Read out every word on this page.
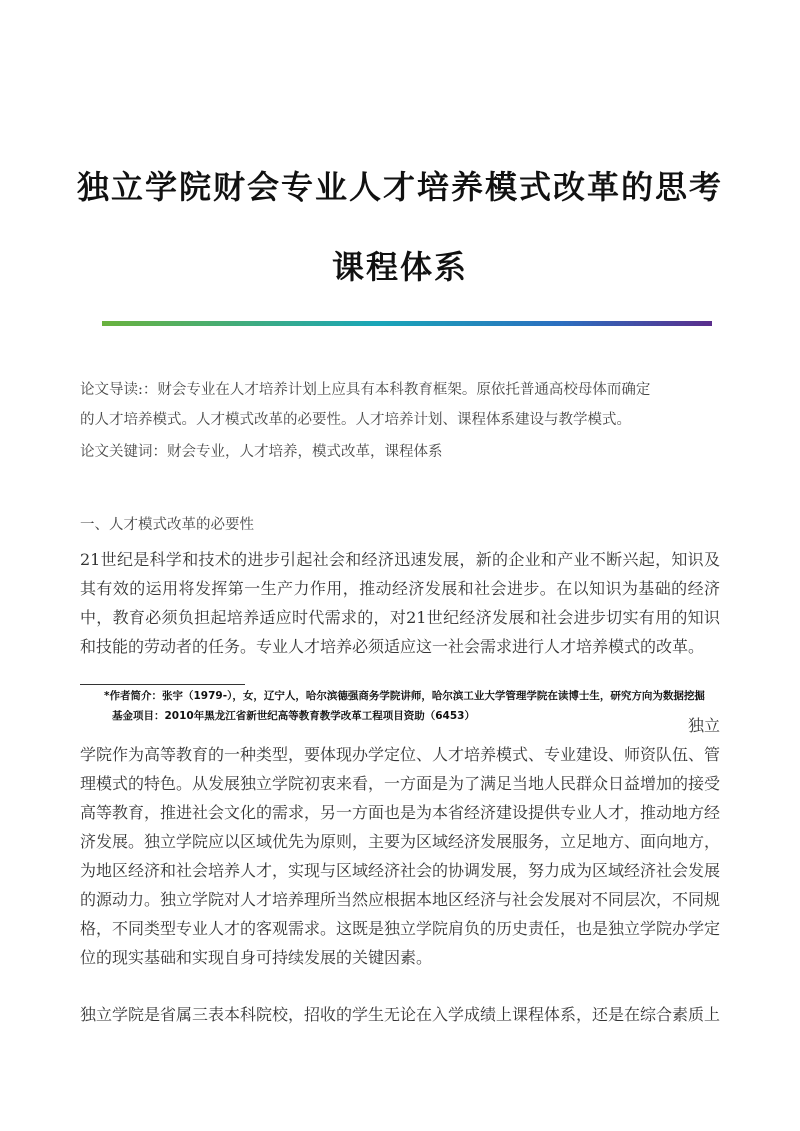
独立学院财会专业人才培养模式改革的思考
课程体系
论文导读:：财会专业在人才培养计划上应具有本科教育框架。原依托普通高校母体而确定
的人才培养模式。人才模式改革的必要性。人才培养计划、课程体系建设与教学模式。
论文关键词：财会专业，人才培养，模式改革，课程体系
一、人才模式改革的必要性
21世纪是科学和技术的进步引起社会和经济迅速发展，新的企业和产业不断兴起，知识及
其有效的运用将发挥第一生产力作用，推动经济发展和社会进步。在以知识为基础的经济
中，教育必须负担起培养适应时代需求的，对21世纪经济发展和社会进步切实有用的知识
和技能的劳动者的任务。专业人才培养必须适应这一社会需求进行人才培养模式的改革。
*作者简介：张宇（1979-），女，辽宁人，哈尔滨德强商务学院讲师，哈尔滨工业大学管理学院在读博士生，研究方向为数据挖掘
基金项目：2010年黑龙江省新世纪高等教育教学改革工程项目资助（6453）	独立
学院作为高等教育的一种类型，要体现办学定位、人才培养模式、专业建设、师资队伍、管
理模式的特色。从发展独立学院初衷来看，一方面是为了满足当地人民群众日益增加的接受
高等教育，推进社会文化的需求，另一方面也是为本省经济建设提供专业人才，推动地方经
济发展。独立学院应以区域优先为原则，主要为区域经济发展服务，立足地方、面向地方，
为地区经济和社会培养人才，实现与区域经济社会的协调发展，努力成为区域经济社会发展
的源动力。独立学院对人才培养理所当然应根据本地区经济与社会发展对不同层次，不同规
格，不同类型专业人才的客观需求。这既是独立学院肩负的历史责任，也是独立学院办学定
位的现实基础和实现自身可持续发展的关键因素。
独立学院是省属三表本科院校，招收的学生无论在入学成绩上课程体系，还是在综合素质上
